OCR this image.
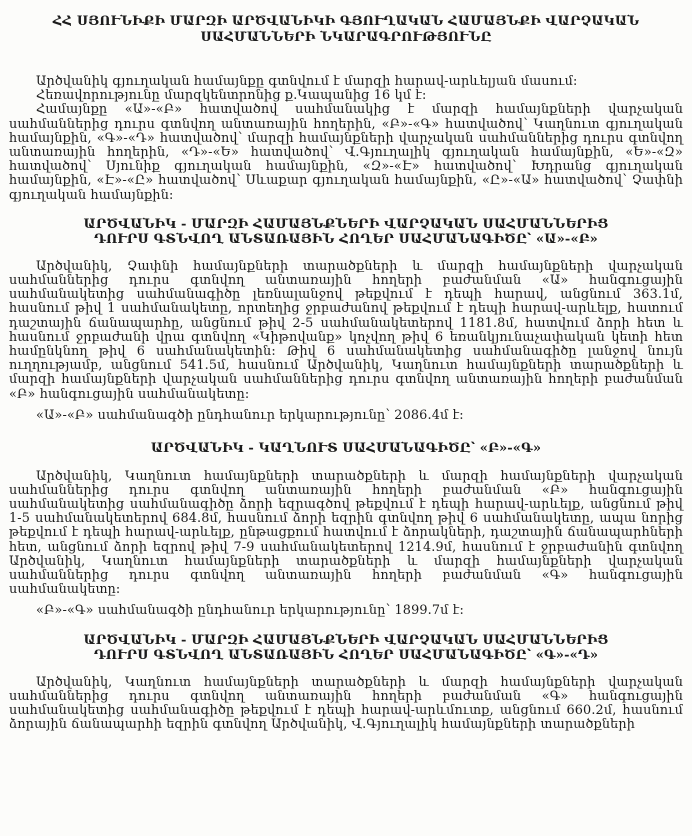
ՀՀ ՍՅՈՒՆԻՔԻ ՄԱՐԶԻ ԱՐԾՎԱՆԻԿԻ ԳՅՈՒՂԱԿԱՆ ՀԱՄԱՅՆՔԻ ՎԱՐՉԱԿԱՆ
ՍԱՀՄԱՆՆԵՐԻ ՆԿԱՐԱԳՐՈՒԹՅՈՒՆԸ

Արծվանիկ գյուղական համայնքը գտնվում է մարզի հարավ-արևելյան մասում:

Հեռավորությունը մարզկենտրոնից ք.Կապանից 16 կմ է:

Համայնքը «Ա»-«Բ» հատվածով սահմանակից է մարզի համայնքների վարչական սահմաններից դուրս գտնվող անտառային հողերին, «Բ»-«Գ» հատվածով՝ Կաղնուտ գյուղական համայնքին, «Գ»-«Դ» հատվածով՝ մարզի համայնքների վարչական սահմաններից դուրս գտնվող անտառային հողերին, «Դ»-«Ե» հատվածով՝ Վ.Գյուղալիկ գյուղական համայնքին, «Ե»-«Զ» հատվածով՝ Սյունիք գյուղական համայնքին, «Զ»-«Է» հատվածով՝ Խդրանց գյուղական համայնքին, «Է»-«Ը» հատվածով՝ Սևաքար գյուղական համայնքին, «Ը»-«Ա» հատվածով՝ Չափնի գյուղական համայնքին:

ԱՐԾՎԱՆԻԿ - ՄԱՐԶԻ ՀԱՄԱՅՆՔՆԵՐԻ ՎԱՐՉԱԿԱՆ ՍԱՀՄԱՆՆԵՐԻՑ ԴՈՒՐՍ ԳՏՆՎՈՂ ԱՆՏԱՌԱՅԻՆ ՀՈՂԵՐ ՍԱՀՄԱՆԱԳԻԾԸ՝ «Ա»-«Բ»

Արծվանիկ, Չափնի համայնքների տարածքների և մարզի համայնքների վարչական սահմաններից դուրս գտնվող անտառային հողերի բաժանման «Ա» հանգուցային սահմանակետից սահմանագիծը լեռնալանջով թեքվում է դեպի հարավ, անցնում 363.1մ, հասնում թիվ 1 սահմանակետը, որտեղից ջրբաժանով թեքվում է դեպի հարավ-արևելք, հատում դաշտային ճանապարհը, անցնում թիվ 2-5 սահմանակետերով 1181.8մ, հատվում ձորի հետ և հասնում ջրբաժանի վրա գտնվող «Կիթովանք» կոչվող թիվ 6 եռանկյունաչափական կետի հետ համընկնող թիվ 6 սահմանակետին: Թիվ 6 սահմանակետից սահմանագիծը լանջով նույն ուղղությամբ, անցնում 541.5մ, հասնում Արծվանիկ, Կաղնուտ համայնքների տարածքների և մարզի համայնքների վարչական սահմաններից դուրս գտնվող անտառային հողերի բաժանման «Բ» հանգուցային սահմանակետը:

«Ա»-«Բ» սահմանագծի ընդհանուր երկարությունը՝ 2086.4մ է:

ԱՐԾՎԱՆԻԿ - ԿԱՂՆՈՒՏ ՍԱՀՄԱՆԱԳԻԾԸ՝ «Բ»-«Գ»

Արծվանիկ, Կաղնուտ համայնքների տարածքների և մարզի համայնքների վարչական սահմաններից դուրս գտնվող անտառային հողերի բաժանման «Բ» հանգուցային սահմանակետից սահմանագիծը ձորի եզրագծով թեքվում է դեպի հարավ-արևելք, անցնում թիվ 1-5 սահմանակետերով 684.8մ, հասնում ձորի եզրին գտնվող թիվ 6 սահմանակետը, ապա նորից թեքվում է դեպի հարավ-արևելք, ընթացքում հատվում է ձորակների, դաշտային ճանապարհների հետ, անցնում ձորի եզրով թիվ 7-9 սահմանակետերով 1214.9մ, հասնում է ջրբաժանին գտնվող Արծվանիկ, Կաղնուտ համայնքների տարածքների և մարզի համայնքների վարչական սահմաններից դուրս գտնվող անտառային հողերի բաժանման «Գ» հանգուցային սահմանակետը:

«Բ»-«Գ» սահմանագծի ընդհանուր երկարությունը՝ 1899.7մ է:

ԱՐԾՎԱՆԻԿ - ՄԱՐԶԻ ՀԱՄԱՅՆՔՆԵՐԻ ՎԱՐՉԱԿԱՆ ՍԱՀՄԱՆՆԵՐԻՑ ԴՈՒՐՍ ԳՏՆՎՈՂ ԱՆՏԱՌԱՅԻՆ ՀՈՂԵՐ ՍԱՀՄԱՆԱԳԻԾԸ՝ «Գ»-«Դ»

Արծվանիկ, Կաղնուտ համայնքների տարածքների և մարզի համայնքների վարչական սահմաններից դուրս գտնվող անտառային հողերի բաժանման «Գ» հանգուցային սահմանակետից սահմանագիծը թեքվում է դեպի հարավ-արևմուտք, անցնում 660.2մ, հասնում ձորային ճանապարհի եզրին գտնվող Արծվանիկ, Վ.Գյուղալիկ համայնքների տարածքների
